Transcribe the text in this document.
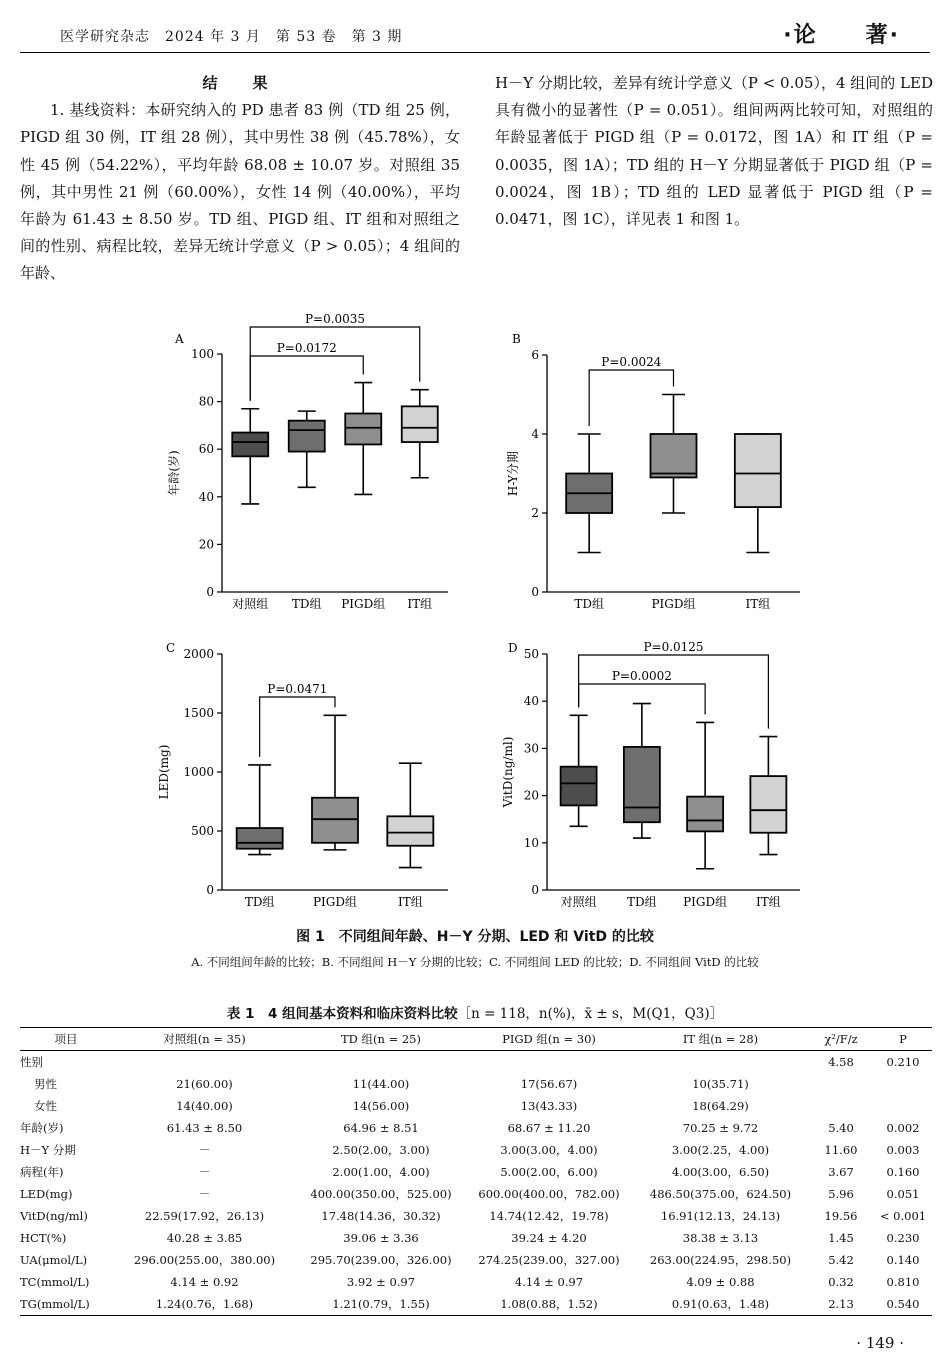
医学研究杂志　2024 年 3 月　第 53 卷　第 3 期	·论　　著·

结　果

1. 基线资料：本研究纳入的 PD 患者 83 例（TD 组 25 例，PIGD 组 30 例，IT 组 28 例），其中男性 38 例（45.78%），女性 45 例（54.22%），平均年龄 68.08 ± 10.07 岁。对照组 35 例，其中男性 21 例（60.00%），女性 14 例（40.00%），平均年龄为 61.43 ± 8.50 岁。TD 组、PIGD 组、IT 组和对照组之间的性别、病程比较，差异无统计学意义（P > 0.05）；4 组间的年龄、

H－Y 分期比较，差异有统计学意义（P < 0.05），4 组间的 LED 具有微小的显著性（P = 0.051）。组间两两比较可知，对照组的年龄显著低于 PIGD 组（P = 0.0172，图 1A）和 IT 组（P = 0.0035，图 1A）；TD 组的 H－Y 分期显著低于 PIGD 组（P = 0.0024，图 1B）；TD 组的 LED 显著低于 PIGD 组（P = 0.0471，图 1C），详见表 1 和图 1。

A
0
20
40
60
80
100
年龄(岁)
对照组 TD组 PIGD组 IT组
P=0.0035
P=0.0172
B
0
2
4
6
H-Y分期
TD组	PIGD组	IT组
P=0.0024
C
0
500
1000
1500
2000
LED(mg)
TD组	PIGD组	IT组
P=0.0471
D
0
10
20
30
40
50
VitD(ng/ml)
对照组	TD组 PIGD组 IT组
P=0.0125
P=0.0002
图 1　不同组间年龄、H－Y 分期、LED 和 VitD 的比较
A. 不同组间年龄的比较；B. 不同组间 H－Y 分期的比较；C. 不同组间 LED 的比较；D. 不同组间 VitD 的比较
表 1　4 组间基本资料和临床资料比较［n = 118，n(%)，x̄ ± s，M(Q1，Q3)］
项目	对照组(n = 35)	TD 组(n = 25)	PIGD 组(n = 30)	IT 组(n = 28)	χ²/F/z	P
性别					4.58	0.210
男性	21(60.00)	11(44.00)	17(56.67)	10(35.71)		
女性	14(40.00)	14(56.00)	13(43.33)	18(64.29)		
年龄(岁)	61.43 ± 8.50	64.96 ± 8.51	68.67 ± 11.20	70.25 ± 9.72	5.40	0.002
H－Y 分期	－	2.50(2.00，3.00)	3.00(3.00，4.00)	3.00(2.25，4.00)	11.60	0.003
病程(年)	－	2.00(1.00，4.00)	5.00(2.00，6.00)	4.00(3.00，6.50)	3.67	0.160
LED(mg)	－	400.00(350.00，525.00)	600.00(400.00，782.00)	486.50(375.00，624.50)	5.96	0.051
VitD(ng/ml)	22.59(17.92，26.13)	17.48(14.36，30.32)	14.74(12.42，19.78)	16.91(12.13，24.13)	19.56	< 0.001
HCT(%)	40.28 ± 3.85	39.06 ± 3.36	39.24 ± 4.20	38.38 ± 3.13	1.45	0.230
UA(μmol/L)	296.00(255.00，380.00)	295.70(239.00，326.00)	274.25(239.00，327.00)	263.00(224.95，298.50)	5.42	0.140
TC(mmol/L)	4.14 ± 0.92	3.92 ± 0.97	4.14 ± 0.97	4.09 ± 0.88	0.32	0.810
TG(mmol/L)	1.24(0.76，1.68)	1.21(0.79，1.55)	1.08(0.88，1.52)	0.91(0.63，1.48)	2.13	0.540
· 149 ·
